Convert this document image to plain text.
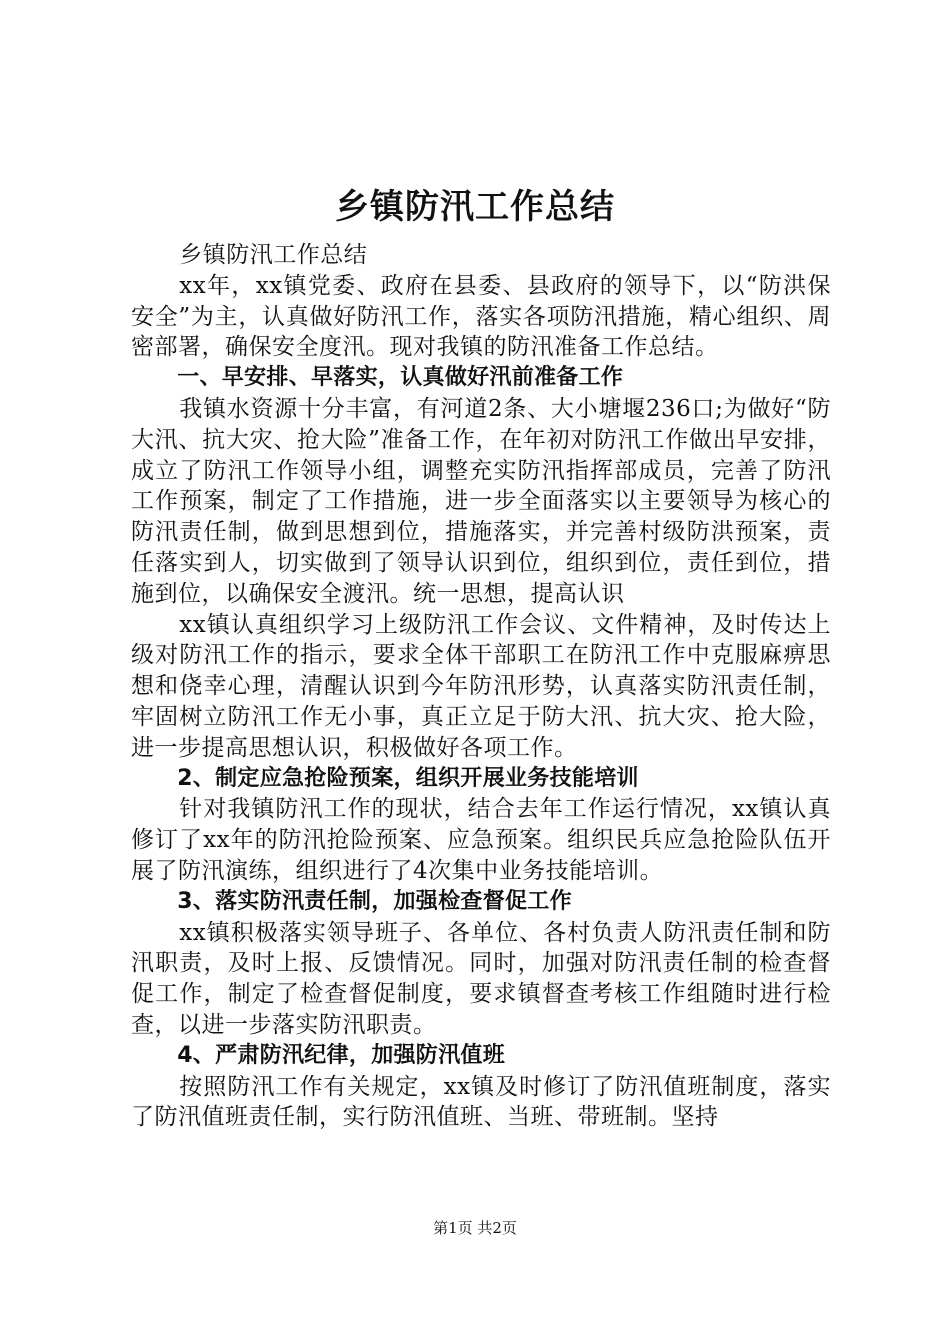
乡镇防汛工作总结

乡镇防汛工作总结

xx年，xx镇党委、政府在县委、县政府的领导下，以“防洪保安全”为主，认真做好防汛工作，落实各项防汛措施，精心组织、周密部署，确保安全度汛。现对我镇的防汛准备工作总结。

一、早安排、早落实，认真做好汛前准备工作

我镇水资源十分丰富，有河道2条、大小塘堰236口;为做好“防大汛、抗大灾、抢大险”准备工作，在年初对防汛工作做出早安排，成立了防汛工作领导小组，调整充实防汛指挥部成员，完善了防汛工作预案，制定了工作措施，进一步全面落实以主要领导为核心的防汛责任制，做到思想到位，措施落实，并完善村级防洪预案，责任落实到人，切实做到了领导认识到位，组织到位，责任到位，措施到位，以确保安全渡汛。统一思想，提高认识

xx镇认真组织学习上级防汛工作会议、文件精神，及时传达上级对防汛工作的指示，要求全体干部职工在防汛工作中克服麻痹思想和侥幸心理，清醒认识到今年防汛形势，认真落实防汛责任制，牢固树立防汛工作无小事，真正立足于防大汛、抗大灾、抢大险，进一步提高思想认识，积极做好各项工作。

2、制定应急抢险预案，组织开展业务技能培训

针对我镇防汛工作的现状，结合去年工作运行情况，xx镇认真修订了xx年的防汛抢险预案、应急预案。组织民兵应急抢险队伍开展了防汛演练，组织进行了4次集中业务技能培训。

3、落实防汛责任制，加强检查督促工作

xx镇积极落实领导班子、各单位、各村负责人防汛责任制和防汛职责，及时上报、反馈情况。同时，加强对防汛责任制的检查督促工作，制定了检查督促制度，要求镇督查考核工作组随时进行检查，以进一步落实防汛职责。

4、严肃防汛纪律，加强防汛值班

按照防汛工作有关规定，xx镇及时修订了防汛值班制度，落实了防汛值班责任制，实行防汛值班、当班、带班制。坚持

第1页 共2页
